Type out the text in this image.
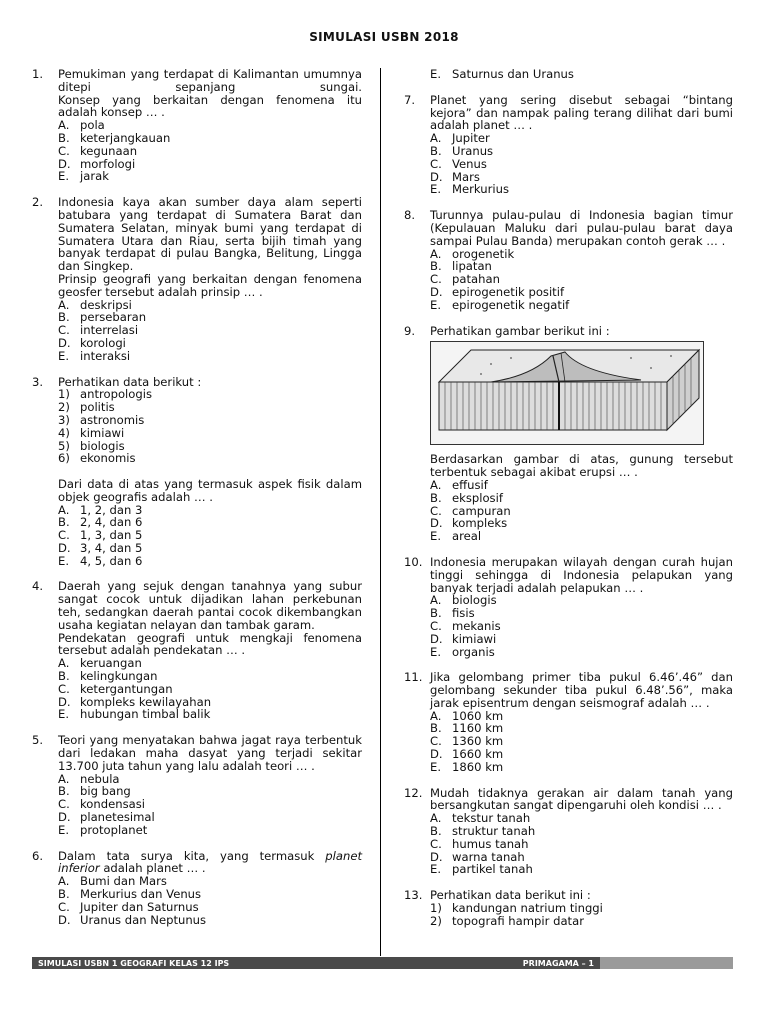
SIMULASI USBN 2018
1. Pemukiman yang terdapat di Kalimantan umumnya ditepi sepanjang sungai.
Konsep yang berkaitan dengan fenomena itu adalah konsep … .
A. pola
B. keterjangkauan
C. kegunaan
D. morfologi
E. jarak
2. Indonesia kaya akan sumber daya alam seperti batubara yang terdapat di Sumatera Barat dan Sumatera Selatan, minyak bumi yang terdapat di Sumatera Utara dan Riau, serta bijih timah yang banyak terdapat di pulau Bangka, Belitung, Lingga dan Singkep.
Prinsip geografi yang berkaitan dengan fenomena geosfer tersebut adalah prinsip … .
A. deskripsi
B. persebaran
C. interrelasi
D. korologi
E. interaksi
3. Perhatikan data berikut :
1) antropologis
2) politis
3) astronomis
4) kimiawi
5) biologis
6) ekonomis
Dari data di atas yang termasuk aspek fisik dalam objek geografis adalah … .
A. 1, 2, dan 3
B. 2, 4, dan 6
C. 1, 3, dan 5
D. 3, 4, dan 5
E. 4, 5, dan 6
4. Daerah yang sejuk dengan tanahnya yang subur sangat cocok untuk dijadikan lahan perkebunan teh, sedangkan daerah pantai cocok dikembangkan usaha kegiatan nelayan dan tambak garam.
Pendekatan geografi untuk mengkaji fenomena tersebut adalah pendekatan … .
A. keruangan
B. kelingkungan
C. ketergantungan
D. kompleks kewilayahan
E. hubungan timbal balik
5. Teori yang menyatakan bahwa jagat raya terbentuk dari ledakan maha dasyat yang terjadi sekitar 13.700 juta tahun yang lalu adalah teori … .
A. nebula
B. big bang
C. kondensasi
D. planetesimal
E. protoplanet
6. Dalam tata surya kita, yang termasuk planet inferior adalah planet … .
A. Bumi dan Mars
B. Merkurius dan Venus
C. Jupiter dan Saturnus
D. Uranus dan Neptunus
E. Saturnus dan Uranus
7. Planet yang sering disebut sebagai “bintang kejora” dan nampak paling terang dilihat dari bumi adalah planet … .
A. Jupiter
B. Uranus
C. Venus
D. Mars
E. Merkurius
8. Turunnya pulau-pulau di Indonesia bagian timur (Kepulauan Maluku dari pulau-pulau barat daya sampai Pulau Banda) merupakan contoh gerak … .
A. orogenetik
B. lipatan
C. patahan
D. epirogenetik positif
E. epirogenetik negatif
9. Perhatikan gambar berikut ini :
Berdasarkan gambar di atas, gunung tersebut terbentuk sebagai akibat erupsi … .
A. effusif
B. eksplosif
C. campuran
D. kompleks
E. areal
10. Indonesia merupakan wilayah dengan curah hujan tinggi sehingga di Indonesia pelapukan yang banyak terjadi adalah pelapukan … .
A. biologis
B. fisis
C. mekanis
D. kimiawi
E. organis
11. Jika gelombang primer tiba pukul 6.46’.46” dan gelombang sekunder tiba pukul 6.48’.56”, maka jarak episentrum dengan seismograf adalah … .
A. 1060 km
B. 1160 km
C. 1360 km
D. 1660 km
E. 1860 km
12. Mudah tidaknya gerakan air dalam tanah yang bersangkutan sangat dipengaruhi oleh kondisi … .
A. tekstur tanah
B. struktur tanah
C. humus tanah
D. warna tanah
E. partikel tanah
13. Perhatikan data berikut ini :
1) kandungan natrium tinggi
2) topografi hampir datar
SIMULASI USBN 1 GEOGRAFI KELAS 12 IPS	PRIMAGAMA – 1
